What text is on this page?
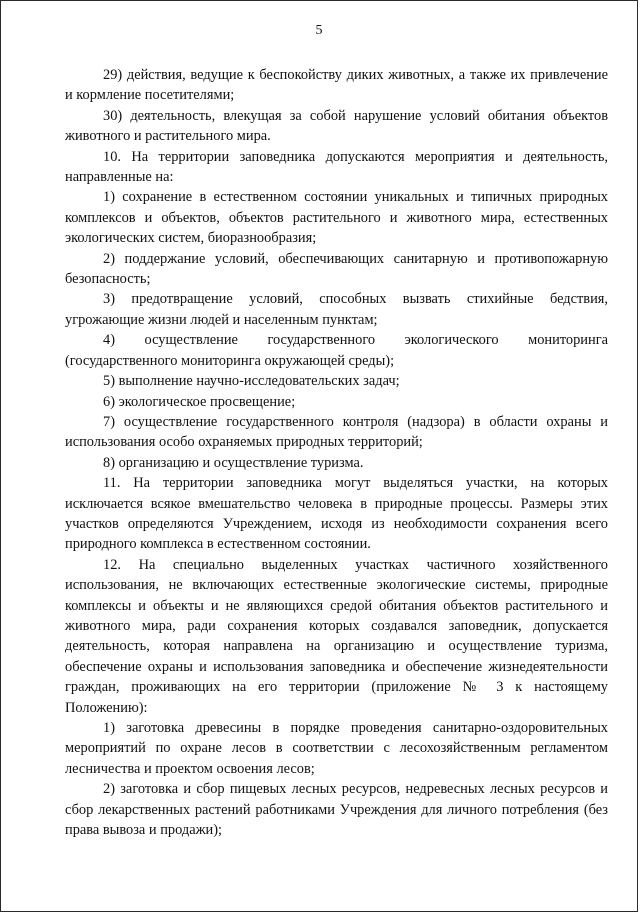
5

29) действия, ведущие к беспокойству диких животных, а также их привлечение и кормление посетителями;

30) деятельность, влекущая за собой нарушение условий обитания объектов животного и растительного мира.

10. На территории заповедника допускаются мероприятия и деятельность, направленные на:

1) сохранение в естественном состоянии уникальных и типичных природных комплексов и объектов, объектов растительного и животного мира, естественных экологических систем, биоразнообразия;

2) поддержание условий, обеспечивающих санитарную и противопожарную безопасность;

3) предотвращение условий, способных вызвать стихийные бедствия, угрожающие жизни людей и населенным пунктам;

4) осуществление государственного экологического мониторинга (государственного мониторинга окружающей среды);

5) выполнение научно-исследовательских задач;

6) экологическое просвещение;

7) осуществление государственного контроля (надзора) в области охраны и использования особо охраняемых природных территорий;

8) организацию и осуществление туризма.

11. На территории заповедника могут выделяться участки, на которых исключается всякое вмешательство человека в природные процессы. Размеры этих участков определяются Учреждением, исходя из необходимости сохранения всего природного комплекса в естественном состоянии.

12. На специально выделенных участках частичного хозяйственного использования, не включающих естественные экологические системы, природные комплексы и объекты и не являющихся средой обитания объектов растительного и животного мира, ради сохранения которых создавался заповедник, допускается деятельность, которая направлена на организацию и осуществление туризма, обеспечение охраны и использования заповедника и обеспечение жизнедеятельности граждан, проживающих на его территории (приложение № 3 к настоящему Положению):

1) заготовка древесины в порядке проведения санитарно-оздоровительных мероприятий по охране лесов в соответствии с лесохозяйственным регламентом лесничества и проектом освоения лесов;

2) заготовка и сбор пищевых лесных ресурсов, недревесных лесных ресурсов и сбор лекарственных растений работниками Учреждения для личного потребления (без права вывоза и продажи);
